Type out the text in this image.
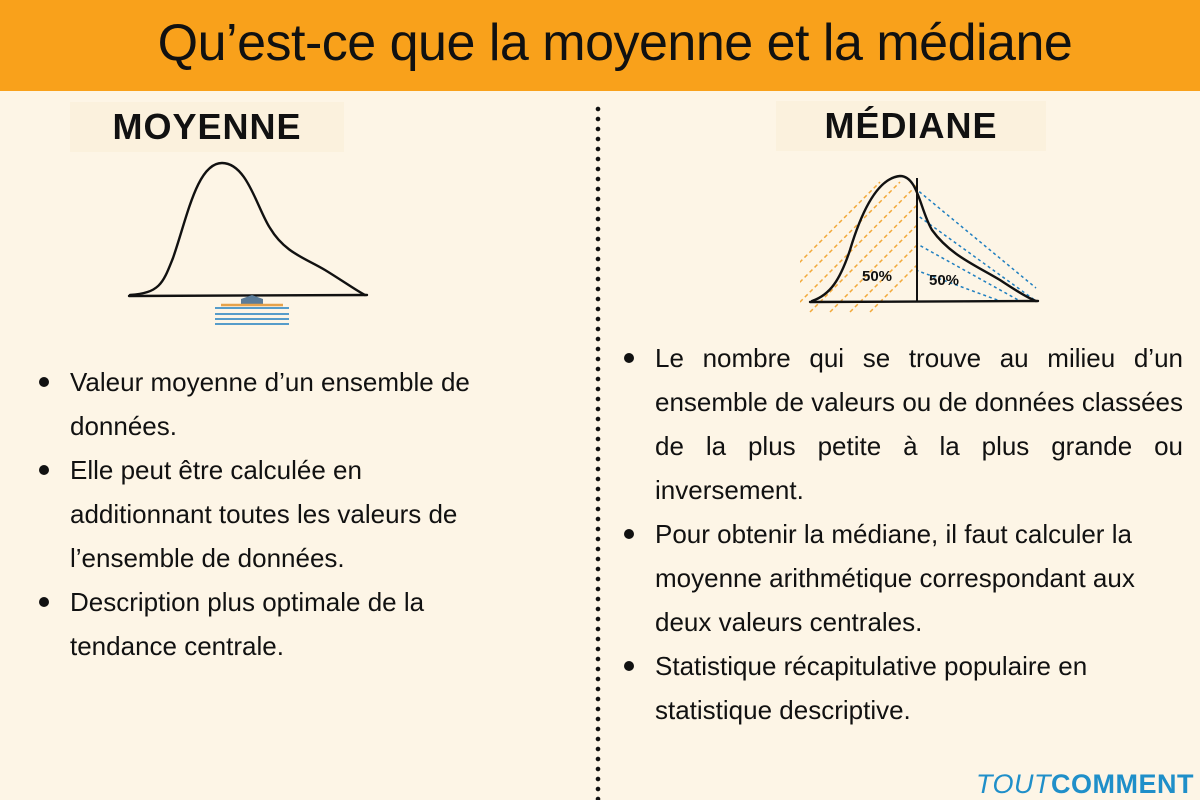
Qu’est-ce que la moyenne et la médiane
MOYENNE
Valeur moyenne d’un ensemble de données.
Elle peut être calculée en additionnant toutes les valeurs de l’ensemble de données.
Description plus optimale de la tendance centrale.
MÉDIANE
50% 50%
Le nombre qui se trouve au milieu d’un ensemble de valeurs ou de données classées de la plus petite à la plus grande ou inversement.
Pour obtenir la médiane, il faut calculer la moyenne arithmétique correspondant aux deux valeurs centrales.
Statistique récapitulative populaire en statistique descriptive.
TOUTCOMMENT
